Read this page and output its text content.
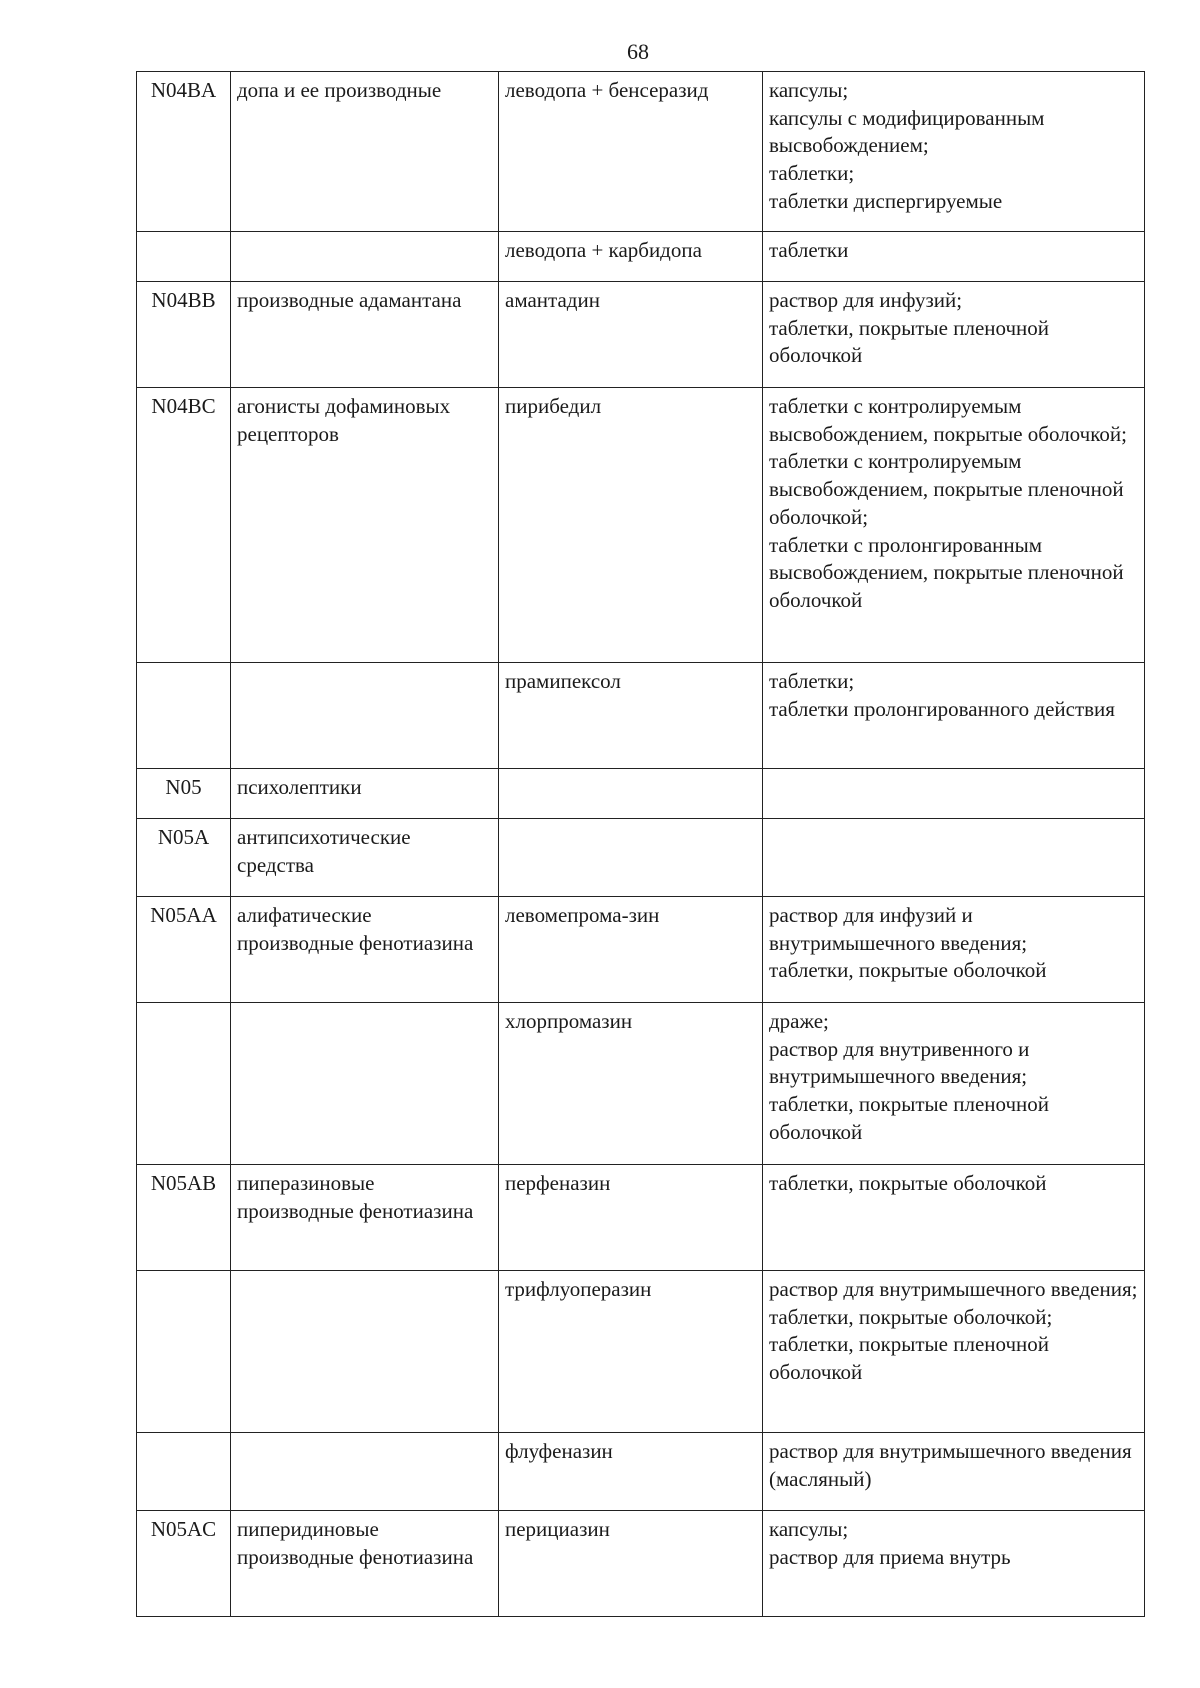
68
N04BA	допа и ее производные	леводопа + бенсеразид	капсулы;
капсулы с модифицированным высвобождением;
таблетки;
таблетки диспергируемые
		леводопа + карбидопа	таблетки
N04BB	производные адамантана	амантадин	раствор для инфузий;
таблетки, покрытые пленочной оболочкой
N04BC	агонисты дофаминовых рецепторов	пирибедил	таблетки с контролируемым высвобождением, покрытые оболочкой;
таблетки с контролируемым высвобождением, покрытые пленочной оболочкой;
таблетки с пролонгированным высвобождением, покрытые пленочной оболочкой
		прамипексол	таблетки;
таблетки пролонгированного действия
N05	психолептики		
N05A	антипсихотические средства		
N05AA	алифатические производные фенотиазина	левомепрома-зин	раствор для инфузий и внутримышечного введения;
таблетки, покрытые оболочкой
		хлорпромазин	драже;
раствор для внутривенного и внутримышечного введения;
таблетки, покрытые пленочной оболочкой
N05AB	пиперазиновые производные фенотиазина	перфеназин	таблетки, покрытые оболочкой
		трифлуоперазин	раствор для внутримышечного введения;
таблетки, покрытые оболочкой;
таблетки, покрытые пленочной оболочкой
		флуфеназин	раствор для внутримышечного введения (масляный)
N05AC	пиперидиновые производные фенотиазина	перициазин	капсулы;
раствор для приема внутрь
